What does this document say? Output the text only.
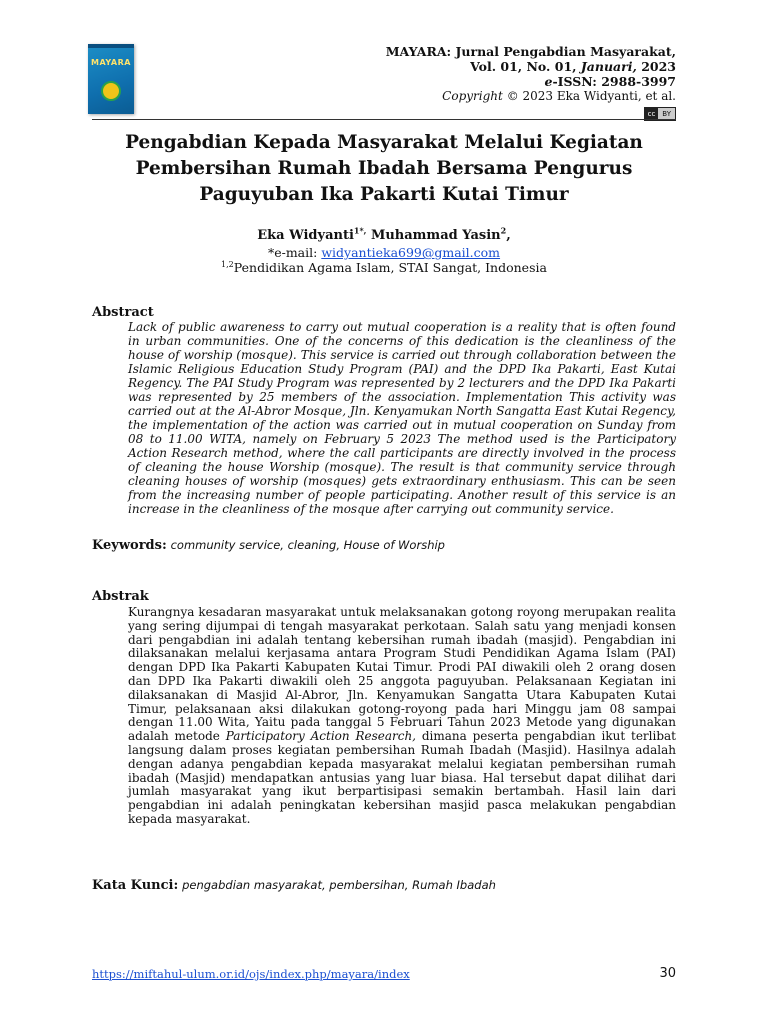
MAYARA
MAYARA: Jurnal Pengabdian Masyarakat,
Vol. 01, No. 01, Januari, 2023
e-ISSN: 2988-3997
Copyright © 2023 Eka Widyanti, et al.
cc	BY
Pengabdian Kepada Masyarakat Melalui Kegiatan Pembersihan Rumah Ibadah Bersama Pengurus Paguyuban Ika Pakarti Kutai Timur
Eka Widyanti$^{1*,}$ Muhammad Yasin$^2$,
*e-mail: widyantieka699@gmail.com
$^{1,2}$Pendidikan Agama Islam, STAI Sangat, Indonesia
Abstract

Lack of public awareness to carry out mutual cooperation is a reality that is often found in urban communities. One of the concerns of this dedication is the cleanliness of the house of worship (mosque). This service is carried out through collaboration between the Islamic Religious Education Study Program (PAI) and the DPD Ika Pakarti, East Kutai Regency. The PAI Study Program was represented by 2 lecturers and the DPD Ika Pakarti was represented by 25 members of the association. Implementation This activity was carried out at the Al-Abror Mosque, Jln. Kenyamukan North Sangatta East Kutai Regency, the implementation of the action was carried out in mutual cooperation on Sunday from 08 to 11.00 WITA, namely on February 5 2023 The method used is the Participatory Action Research method, where the call participants are directly involved in the process of cleaning the house Worship (mosque). The result is that community service through cleaning houses of worship (mosques) gets extraordinary enthusiasm. This can be seen from the increasing number of people participating. Another result of this service is an increase in the cleanliness of the mosque after carrying out community service.

Keywords: community service, cleaning, House of Worship
Abstrak

Kurangnya kesadaran masyarakat untuk melaksanakan gotong royong merupakan realita yang sering dijumpai di tengah masyarakat perkotaan. Salah satu yang menjadi konsen dari pengabdian ini adalah tentang kebersihan rumah ibadah (masjid). Pengabdian ini dilaksanakan melalui kerjasama antara Program Studi Pendidikan Agama Islam (PAI) dengan DPD Ika Pakarti Kabupaten Kutai Timur. Prodi PAI diwakili oleh 2 orang dosen dan DPD Ika Pakarti diwakili oleh 25 anggota paguyuban. Pelaksanaan Kegiatan ini dilaksanakan di Masjid Al-Abror, Jln. Kenyamukan Sangatta Utara Kabupaten Kutai Timur, pelaksanaan aksi dilakukan gotong-royong pada hari Minggu jam 08 sampai dengan 11.00 Wita, Yaitu pada tanggal 5 Februari Tahun 2023 Metode yang digunakan adalah metode Participatory Action Research, dimana peserta pengabdian ikut terlibat langsung dalam proses kegiatan pembersihan Rumah Ibadah (Masjid). Hasilnya adalah dengan adanya pengabdian kepada masyarakat melalui kegiatan pembersihan rumah ibadah (Masjid) mendapatkan antusias yang luar biasa. Hal tersebut dapat dilihat dari jumlah masyarakat yang ikut berpartisipasi semakin bertambah. Hasil lain dari pengabdian ini adalah peningkatan kebersihan masjid pasca melakukan pengabdian kepada masyarakat.

Kata Kunci: pengabdian masyarakat, pembersihan, Rumah Ibadah
https://miftahul-ulum.or.id/ojs/index.php/mayara/index	30
